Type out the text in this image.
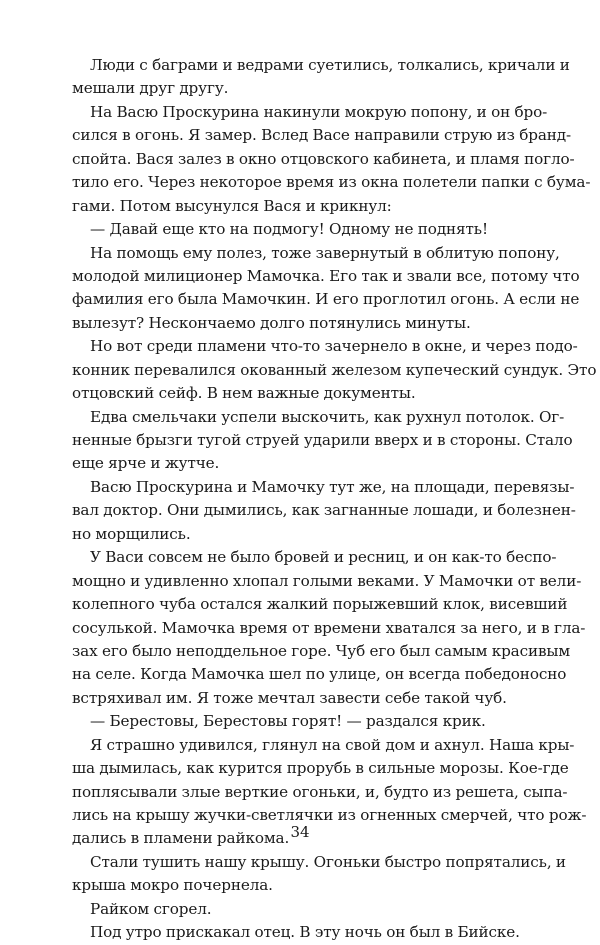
Люди с баграми и ведрами суетились, толкались, кричали и
мешали друг другу.
На Васю Проскурина накинули мокрую попону, и он бро-
сился в огонь. Я замер. Вслед Васе направили струю из бранд-
спойта. Вася залез в окно отцовского кабинета, и пламя погло-
тило его. Через некоторое время из окна полетели папки с бума-
гами. Потом высунулся Вася и крикнул:
— Давай еще кто на подмогу! Одному не поднять!
На помощь ему полез, тоже завернутый в облитую попону,
молодой милиционер Мамочка. Его так и звали все, потому что
фамилия его была Мамочкин. И его проглотил огонь. А если не
вылезут? Нескончаемо долго потянулись минуты.
Но вот среди пламени что-то зачернело в окне, и через подо-
конник перевалился окованный железом купеческий сундук. Это
отцовский сейф. В нем важные документы.
Едва смельчаки успели выскочить, как рухнул потолок. Ог-
ненные брызги тугой струей ударили вверх и в стороны. Стало
еще ярче и жутче.
Васю Проскурина и Мамочку тут же, на площади, перевязы-
вал доктор. Они дымились, как загнанные лошади, и болезнен-
но морщились.
У Васи совсем не было бровей и ресниц, и он как-то беспо-
мощно и удивленно хлопал голыми веками. У Мамочки от вели-
колепного чуба остался жалкий порыжевший клок, висевший
сосулькой. Мамочка время от времени хватался за него, и в гла-
зах его было неподдельное горе. Чуб его был самым красивым
на селе. Когда Мамочка шел по улице, он всегда победоносно
встряхивал им. Я тоже мечтал завести себе такой чуб.
— Берестовы, Берестовы горят! — раздался крик.
Я страшно удивился, глянул на свой дом и ахнул. Наша кры-
ша дымилась, как курится прорубь в сильные морозы. Кое-где
поплясывали злые верткие огоньки, и, будто из решета, сыпа-
лись на крышу жучки-светлячки из огненных смерчей, что рож-
дались в пламени райкома.
Стали тушить нашу крышу. Огоньки быстро попрятались, и
крыша мокро почернела.
Райком сгорел.
Под утро прискакал отец. В эту ночь он был в Бийске.
34
